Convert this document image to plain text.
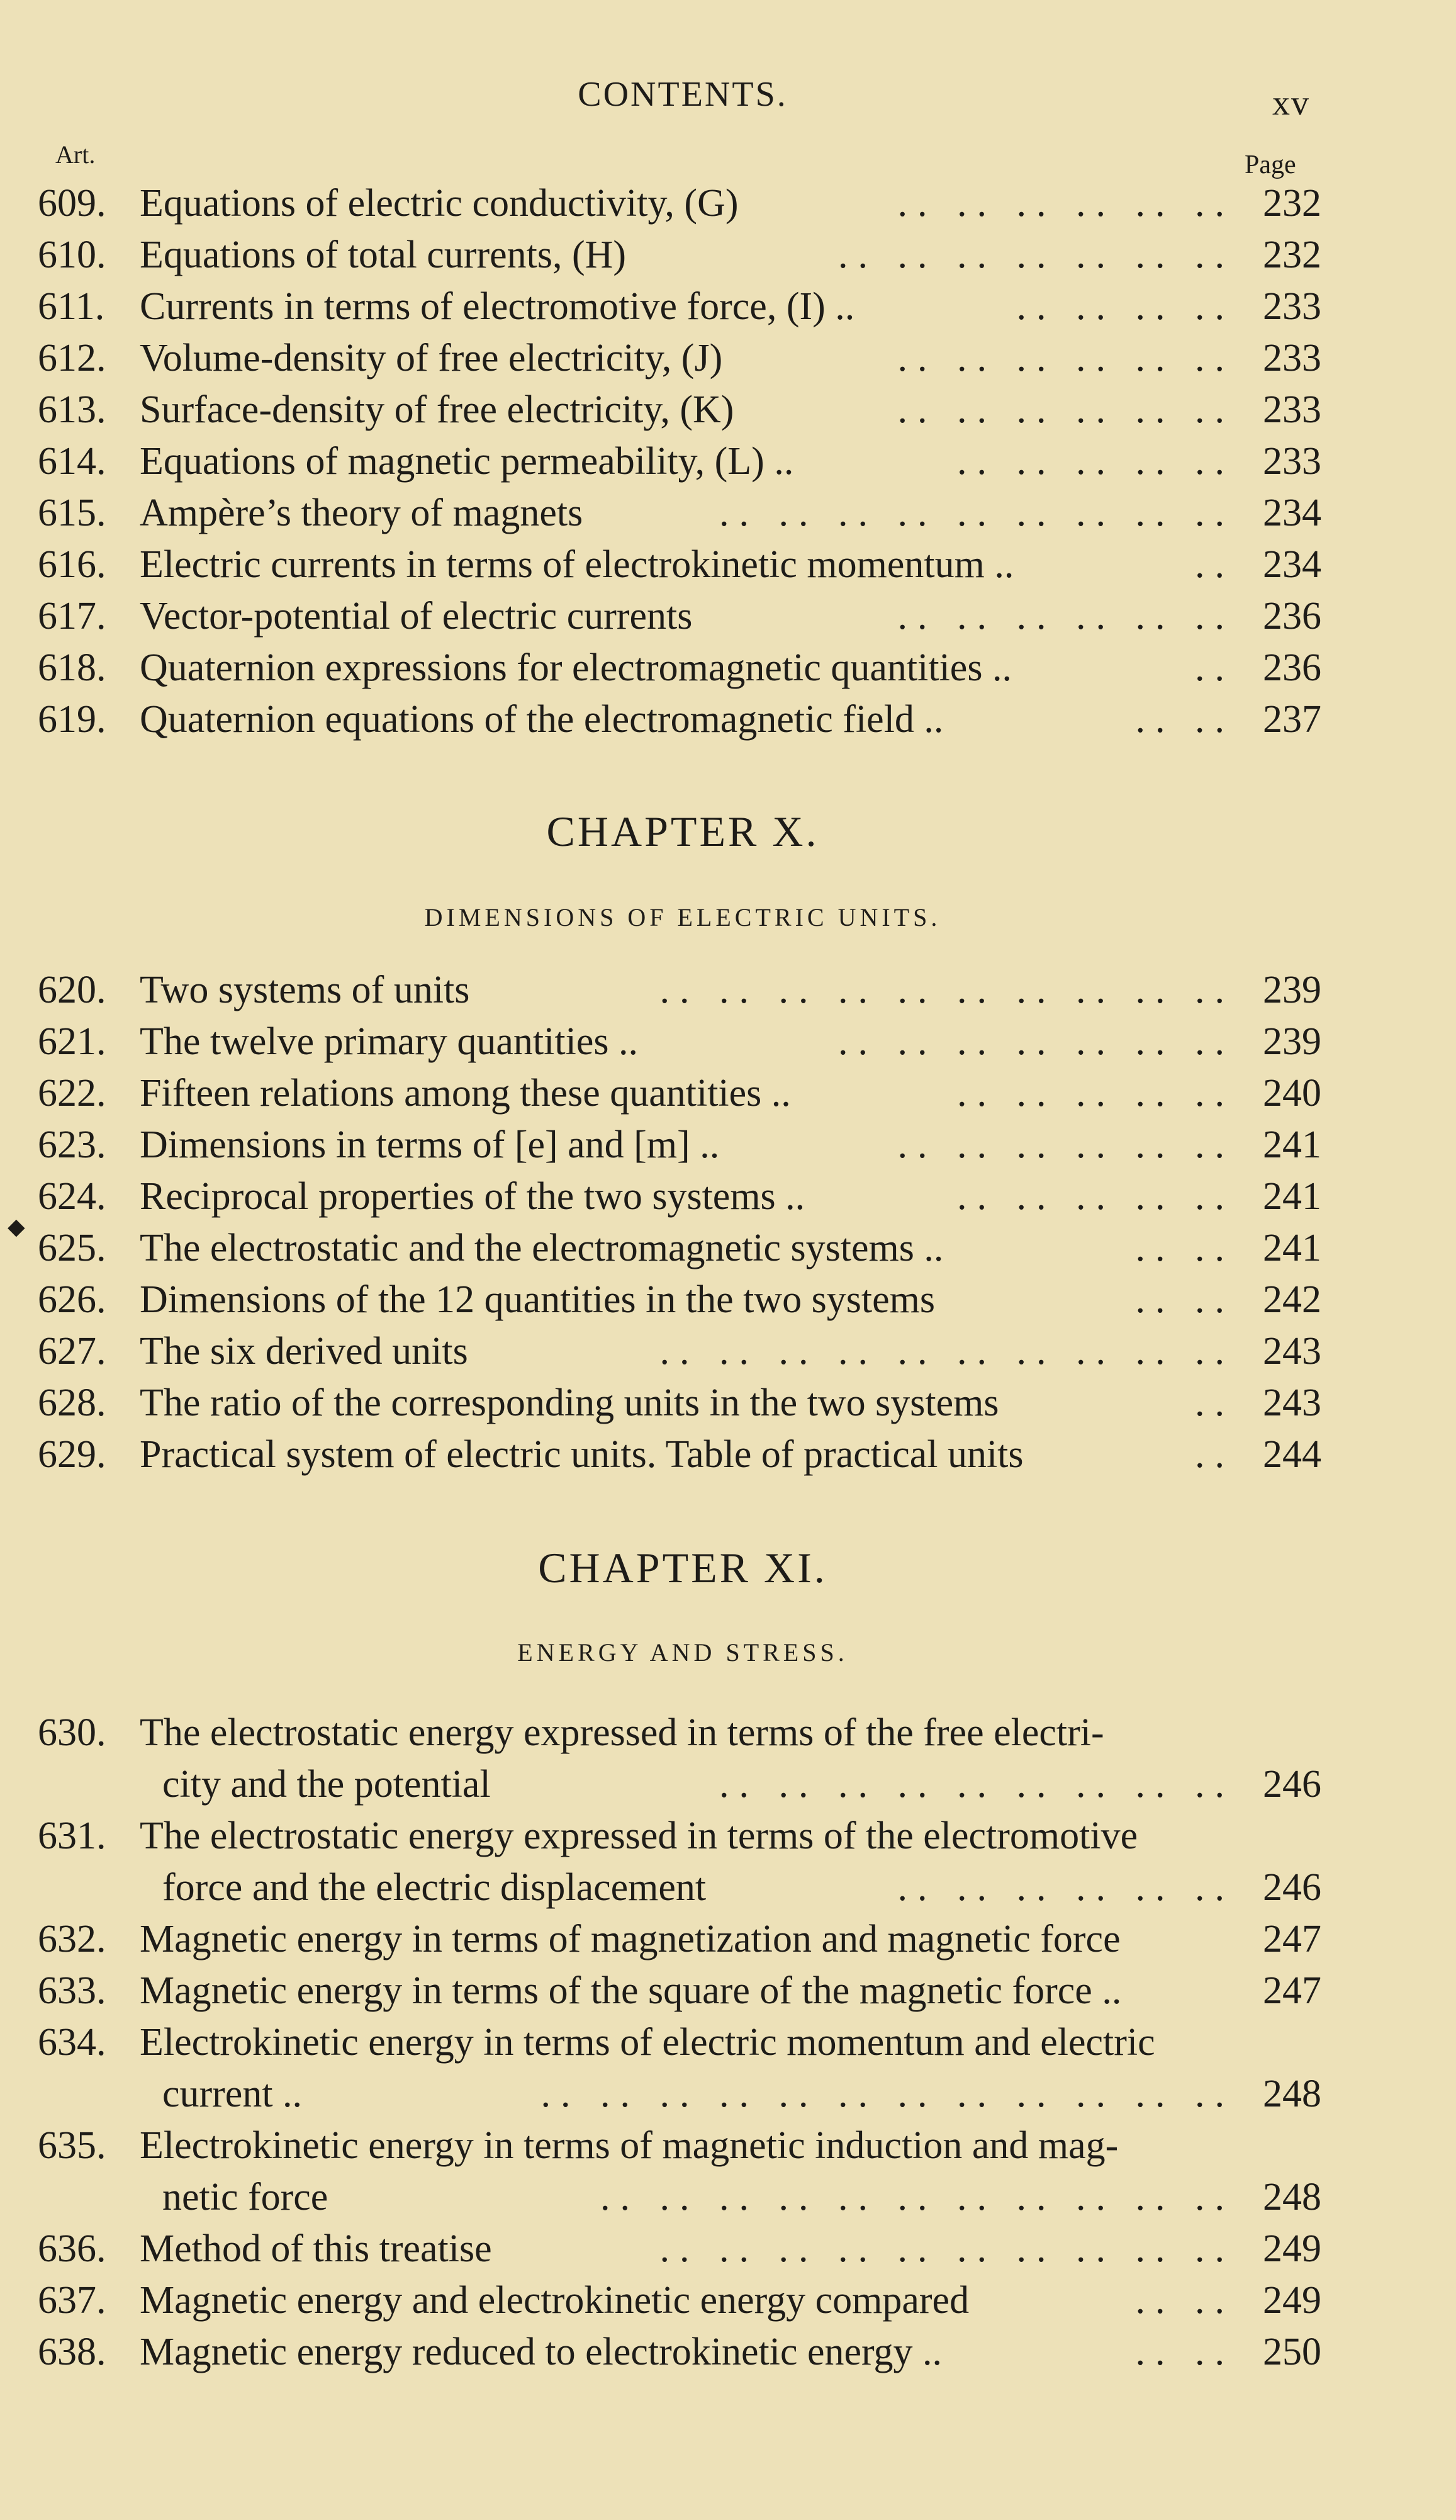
CONTENTS.	xv
Art.	Page
609. Equations of electric conductivity, (G)	.. .. .. .. .. .. 232
610. Equations of total currents, (H)	.. .. .. .. .. .. .. 232
611. Currents in terms of electromotive force, (I) ..	.. .. .. .. 233
612. Volume-density of free electricity, (J)	.. .. .. .. .. .. 233
613. Surface-density of free electricity, (K)	.. .. .. .. .. .. 233
614. Equations of magnetic permeability, (L) ..	.. .. .. .. .. 233
615. Ampère’s theory of magnets	.. .. .. .. .. .. .. .. .. 234
616. Electric currents in terms of electrokinetic momentum ..	.. 234
617. Vector-potential of electric currents	.. .. .. .. .. .. 236
618. Quaternion expressions for electromagnetic quantities ..	.. 236
619. Quaternion equations of the electromagnetic field ..	.. .. 237
CHAPTER X.
DIMENSIONS OF ELECTRIC UNITS.
620. Two systems of units	.. .. .. .. .. .. .. .. .. .. 239
621. The twelve primary quantities ..	.. .. .. .. .. .. .. 239
622. Fifteen relations among these quantities ..	.. .. .. .. .. 240
623. Dimensions in terms of [e] and [m] ..	.. .. .. .. .. .. 241
624. Reciprocal properties of the two systems ..	.. .. .. .. .. 241
625. The electrostatic and the electromagnetic systems ..	.. .. 241
626. Dimensions of the 12 quantities in the two systems	.. .. 242
627. The six derived units	.. .. .. .. .. .. .. .. .. .. 243
628. The ratio of the corresponding units in the two systems	.. 243
629. Practical system of electric units. Table of practical units	.. 244
◆
CHAPTER XI.
ENERGY AND STRESS.
630. The electrostatic energy expressed in terms of the free electri-
city and the potential	.. .. .. .. .. .. .. .. .. 246
631. The electrostatic energy expressed in terms of the electromotive
force and the electric displacement	.. .. .. .. .. .. 246
632. Magnetic energy in terms of magnetization and magnetic force	247
633. Magnetic energy in terms of the square of the magnetic force ..	247
634. Electrokinetic energy in terms of electric momentum and electric
current ..	.. .. .. .. .. .. .. .. .. .. .. .. 248
635. Electrokinetic energy in terms of magnetic induction and mag-
netic force	.. .. .. .. .. .. .. .. .. .. .. 248
636. Method of this treatise	.. .. .. .. .. .. .. .. .. .. 249
637. Magnetic energy and electrokinetic energy compared	.. .. 249
638. Magnetic energy reduced to electrokinetic energy ..	.. .. 250
